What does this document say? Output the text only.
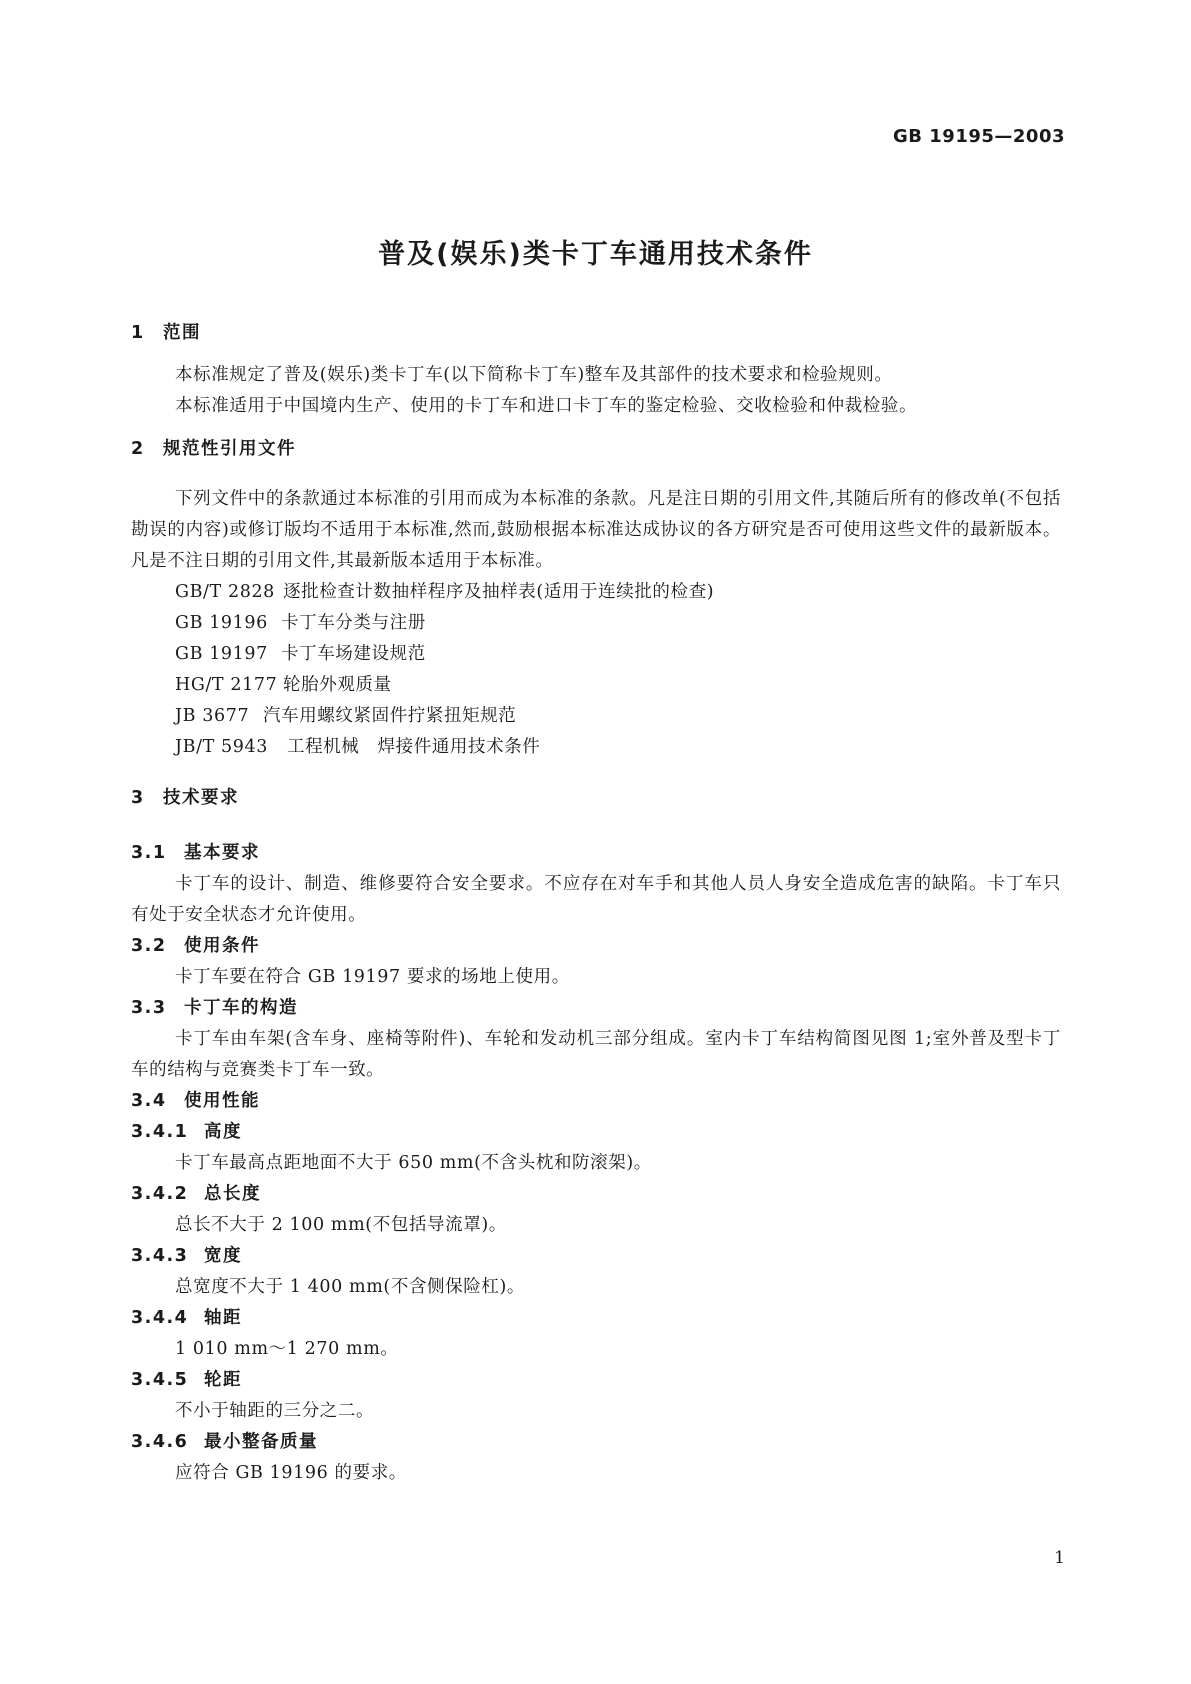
GB 19195—2003
普及(娱乐)类卡丁车通用技术条件
1 范围
本标准规定了普及(娱乐)类卡丁车(以下简称卡丁车)整车及其部件的技术要求和检验规则。
本标准适用于中国境内生产、使用的卡丁车和进口卡丁车的鉴定检验、交收检验和仲裁检验。
2 规范性引用文件
下列文件中的条款通过本标准的引用而成为本标准的条款。凡是注日期的引用文件,其随后所有的修改单(不包括勘误的内容)或修订版均不适用于本标准,然而,鼓励根据本标准达成协议的各方研究是否可使用这些文件的最新版本。凡是不注日期的引用文件,其最新版本适用于本标准。
GB/T 2828 逐批检查计数抽样程序及抽样表(适用于连续批的检查)
GB 19196 卡丁车分类与注册
GB 19197 卡丁车场建设规范
HG/T 2177 轮胎外观质量
JB 3677 汽车用螺纹紧固件拧紧扭矩规范
JB/T 5943 工程机械　焊接件通用技术条件
3 技术要求
3.1 基本要求
卡丁车的设计、制造、维修要符合安全要求。不应存在对车手和其他人员人身安全造成危害的缺陷。卡丁车只有处于安全状态才允许使用。
3.2 使用条件
卡丁车要在符合 GB 19197 要求的场地上使用。
3.3 卡丁车的构造
卡丁车由车架(含车身、座椅等附件)、车轮和发动机三部分组成。室内卡丁车结构简图见图 1;室外普及型卡丁车的结构与竞赛类卡丁车一致。
3.4 使用性能
3.4.1 高度
卡丁车最高点距地面不大于 650 mm(不含头枕和防滚架)。
3.4.2 总长度
总长不大于 2 100 mm(不包括导流罩)。
3.4.3 宽度
总宽度不大于 1 400 mm(不含侧保险杠)。
3.4.4 轴距
1 010 mm～1 270 mm。
3.4.5 轮距
不小于轴距的三分之二。
3.4.6 最小整备质量
应符合 GB 19196 的要求。
1
